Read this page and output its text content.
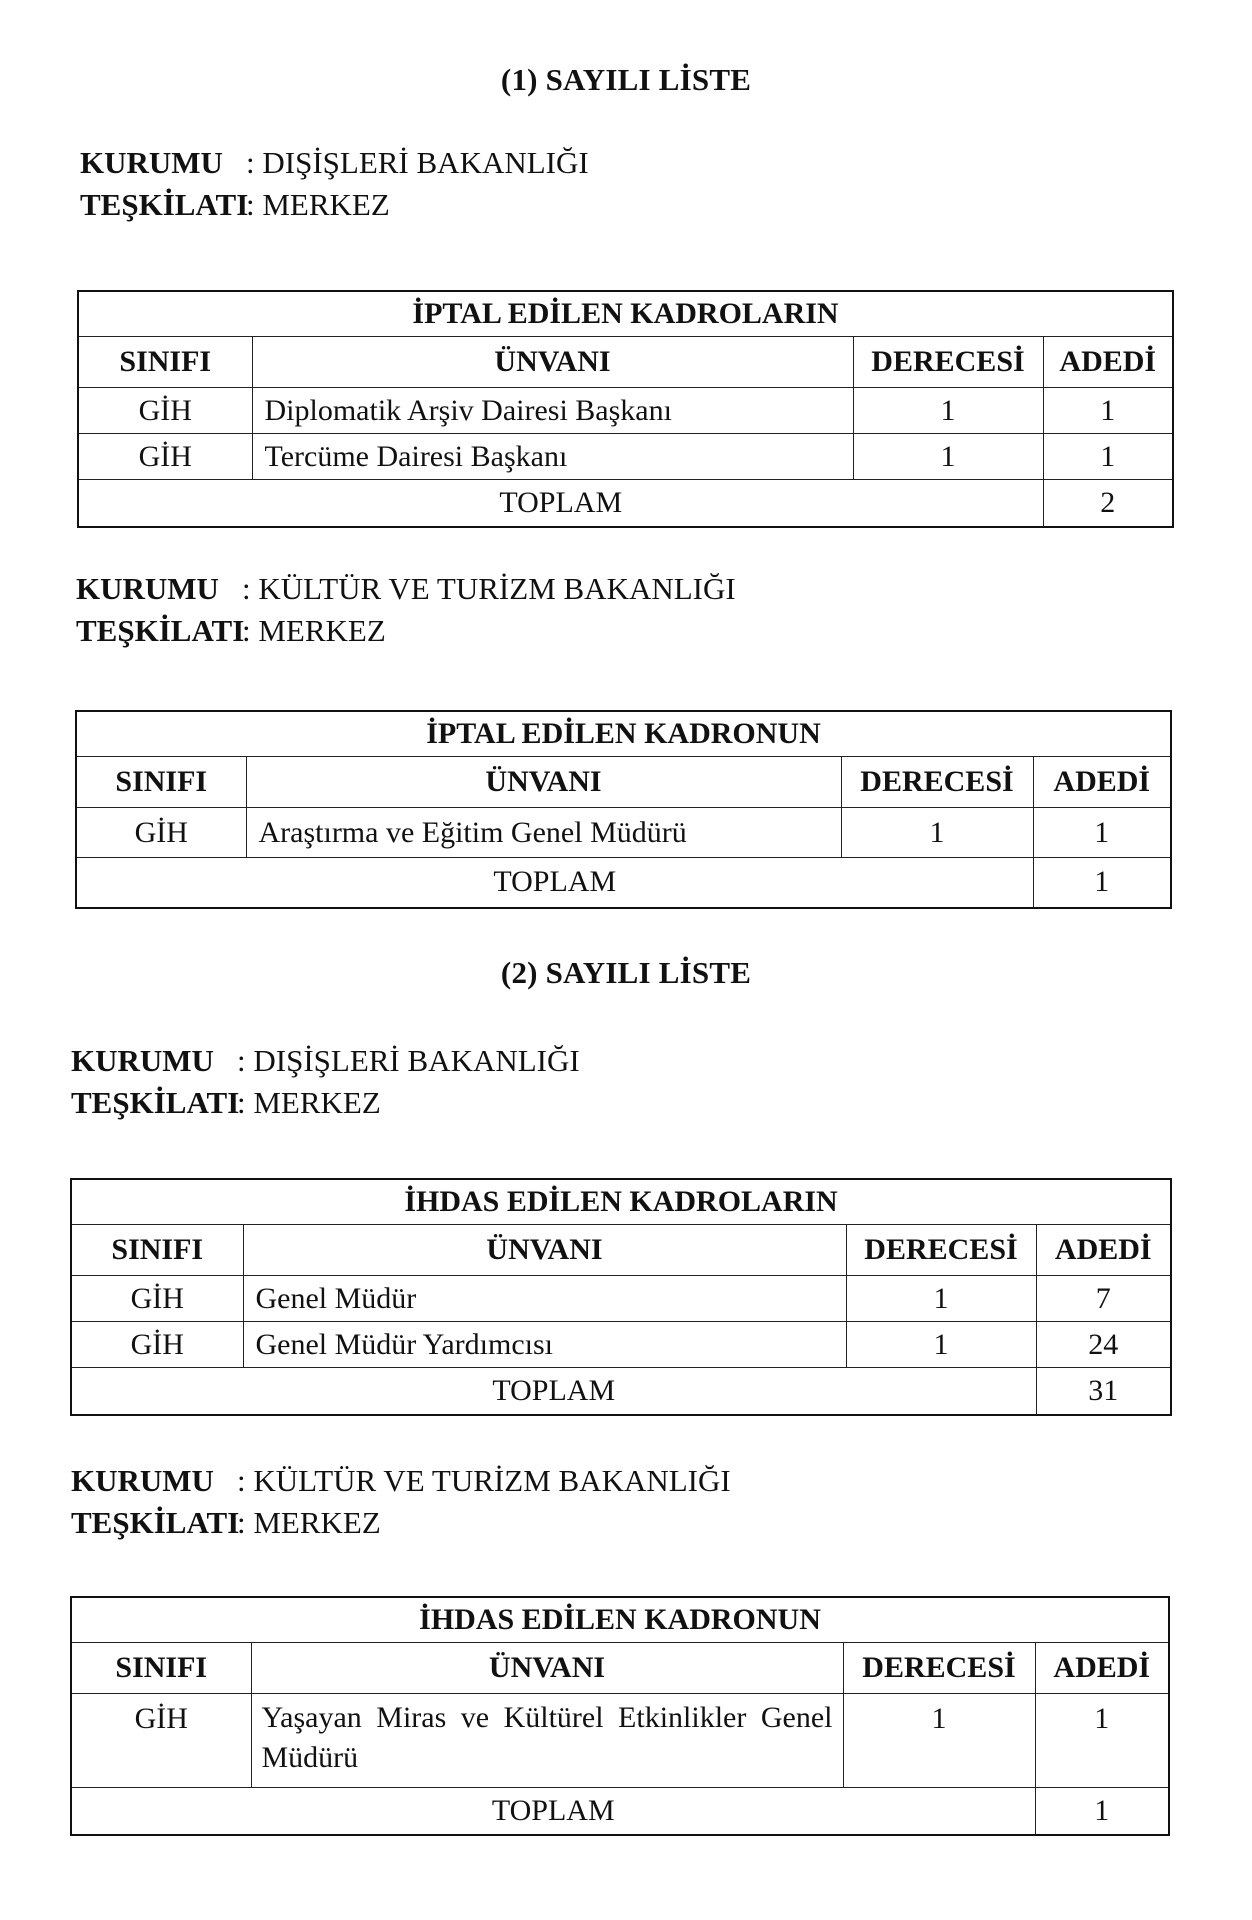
(1) SAYILI LİSTE
KURUMU : DIŞİŞLERİ BAKANLIĞI
TEŞKİLATI: MERKEZ
İPTAL EDİLEN KADROLARIN			
SINIFI	ÜNVANI	DERECESİ	ADEDİ
GİH	Diplomatik Arşiv Dairesi Başkanı	1	1
GİH	Tercüme Dairesi Başkanı	1	1
TOPLAM			2
KURUMU : KÜLTÜR VE TURİZM BAKANLIĞI
TEŞKİLATI: MERKEZ
İPTAL EDİLEN KADRONUN			
SINIFI	ÜNVANI	DERECESİ	ADEDİ
GİH	Araştırma ve Eğitim Genel Müdürü	1	1
TOPLAM			1
(2) SAYILI LİSTE
KURUMU : DIŞİŞLERİ BAKANLIĞI
TEŞKİLATI: MERKEZ
İHDAS EDİLEN KADROLARIN			
SINIFI	ÜNVANI	DERECESİ	ADEDİ
GİH	Genel Müdür	1	7
GİH	Genel Müdür Yardımcısı	1	24
TOPLAM			31
KURUMU : KÜLTÜR VE TURİZM BAKANLIĞI
TEŞKİLATI: MERKEZ
İHDAS EDİLEN KADRONUN			
SINIFI	ÜNVANI	DERECESİ	ADEDİ
GİH	Yaşayan Miras ve Kültürel Etkinlikler Genel Müdürü	1	1
TOPLAM			1
